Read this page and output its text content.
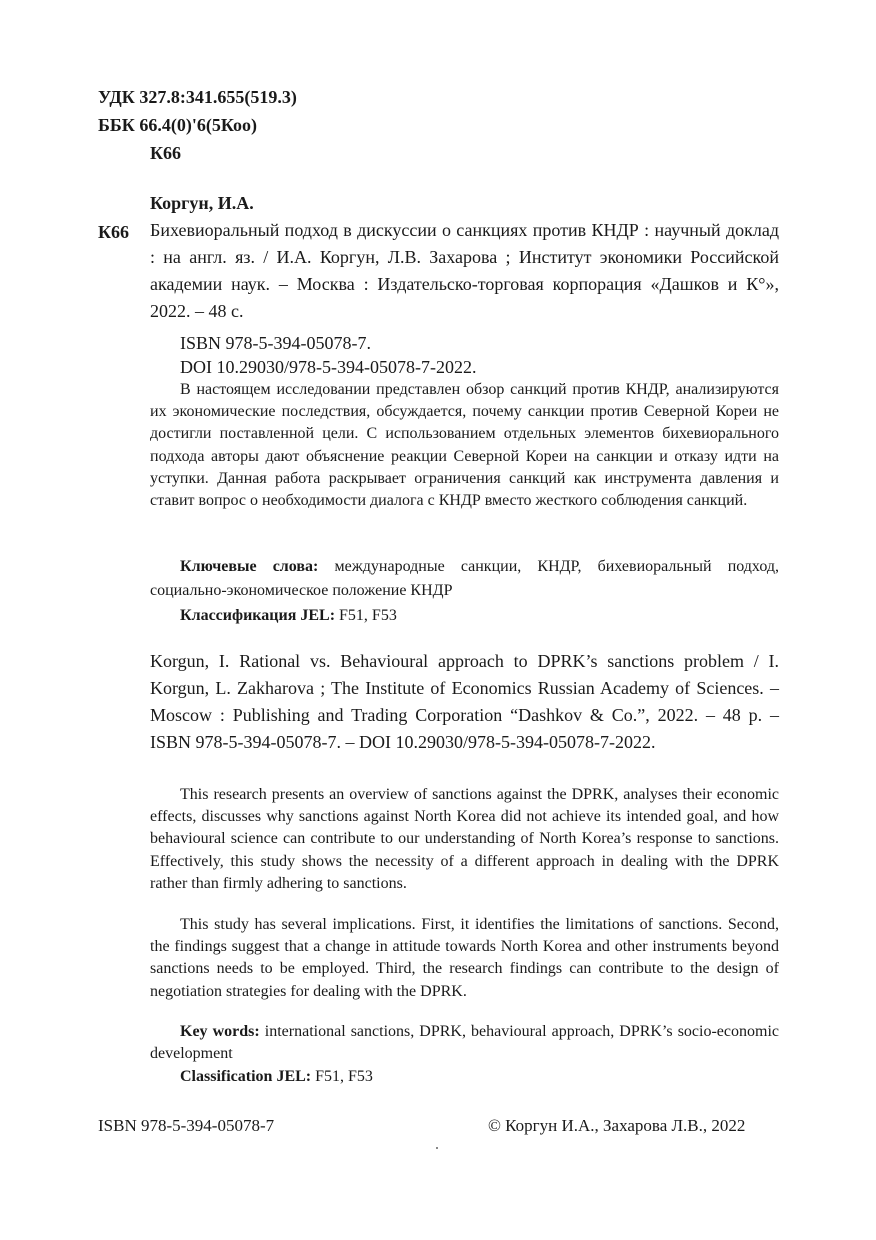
УДК 327.8:341.655(519.3)
ББК 66.4(0)'6(5Коо)
К66
Коргун, И.А.
К66 Бихевиоральный подход в дискуссии о санкциях против КНДР : научный доклад : на англ. яз. / И.А. Коргун, Л.В. Захарова ; Институт экономики Российской академии наук. – Москва : Издательско-торговая корпорация «Дашков и К°», 2022. – 48 с.

ISBN 978-5-394-05078-7.
DOI 10.29030/978-5-394-05078-7-2022.

В настоящем исследовании представлен обзор санкций против КНДР, анализируются их экономические последствия, обсуждается, почему санкции против Северной Кореи не достигли поставленной цели. С использованием отдельных элементов бихевиорального подхода авторы дают объяснение реакции Северной Кореи на санкции и отказу идти на уступки. Данная работа раскрывает ограничения санкций как инструмента давления и ставит вопрос о необходимости диалога с КНДР вместо жесткого соблюдения санкций.

Ключевые слова: международные санкции, КНДР, бихевиоральный подход, социально-экономическое положение КНДР

Классификация JEL: F51, F53

Korgun, I. Rational vs. Behavioural approach to DPRK’s sanctions problem / I. Korgun, L. Zakharova ; The Institute of Economics Russian Academy of Sciences. – Moscow : Publishing and Trading Corporation “Dashkov & Co.”, 2022. – 48 p. – ISBN 978-5-394-05078-7. – DOI 10.29030/978-5-394-05078-7-2022.

This research presents an overview of sanctions against the DPRK, analyses their economic effects, discusses why sanctions against North Korea did not achieve its intended goal, and how behavioural science can contribute to our understanding of North Korea’s response to sanctions. Effectively, this study shows the necessity of a different approach in dealing with the DPRK rather than firmly adhering to sanctions.

This study has several implications. First, it identifies the limitations of sanctions. Second, the findings suggest that a change in attitude towards North Korea and other instruments beyond sanctions needs to be employed. Third, the research findings can contribute to the design of negotiation strategies for dealing with the DPRK.

Key words: international sanctions, DPRK, behavioural approach, DPRK’s socio-economic development

Classification JEL: F51, F53

ISBN 978-5-394-05078-7	© Коргун И.А., Захарова Л.В., 2022
